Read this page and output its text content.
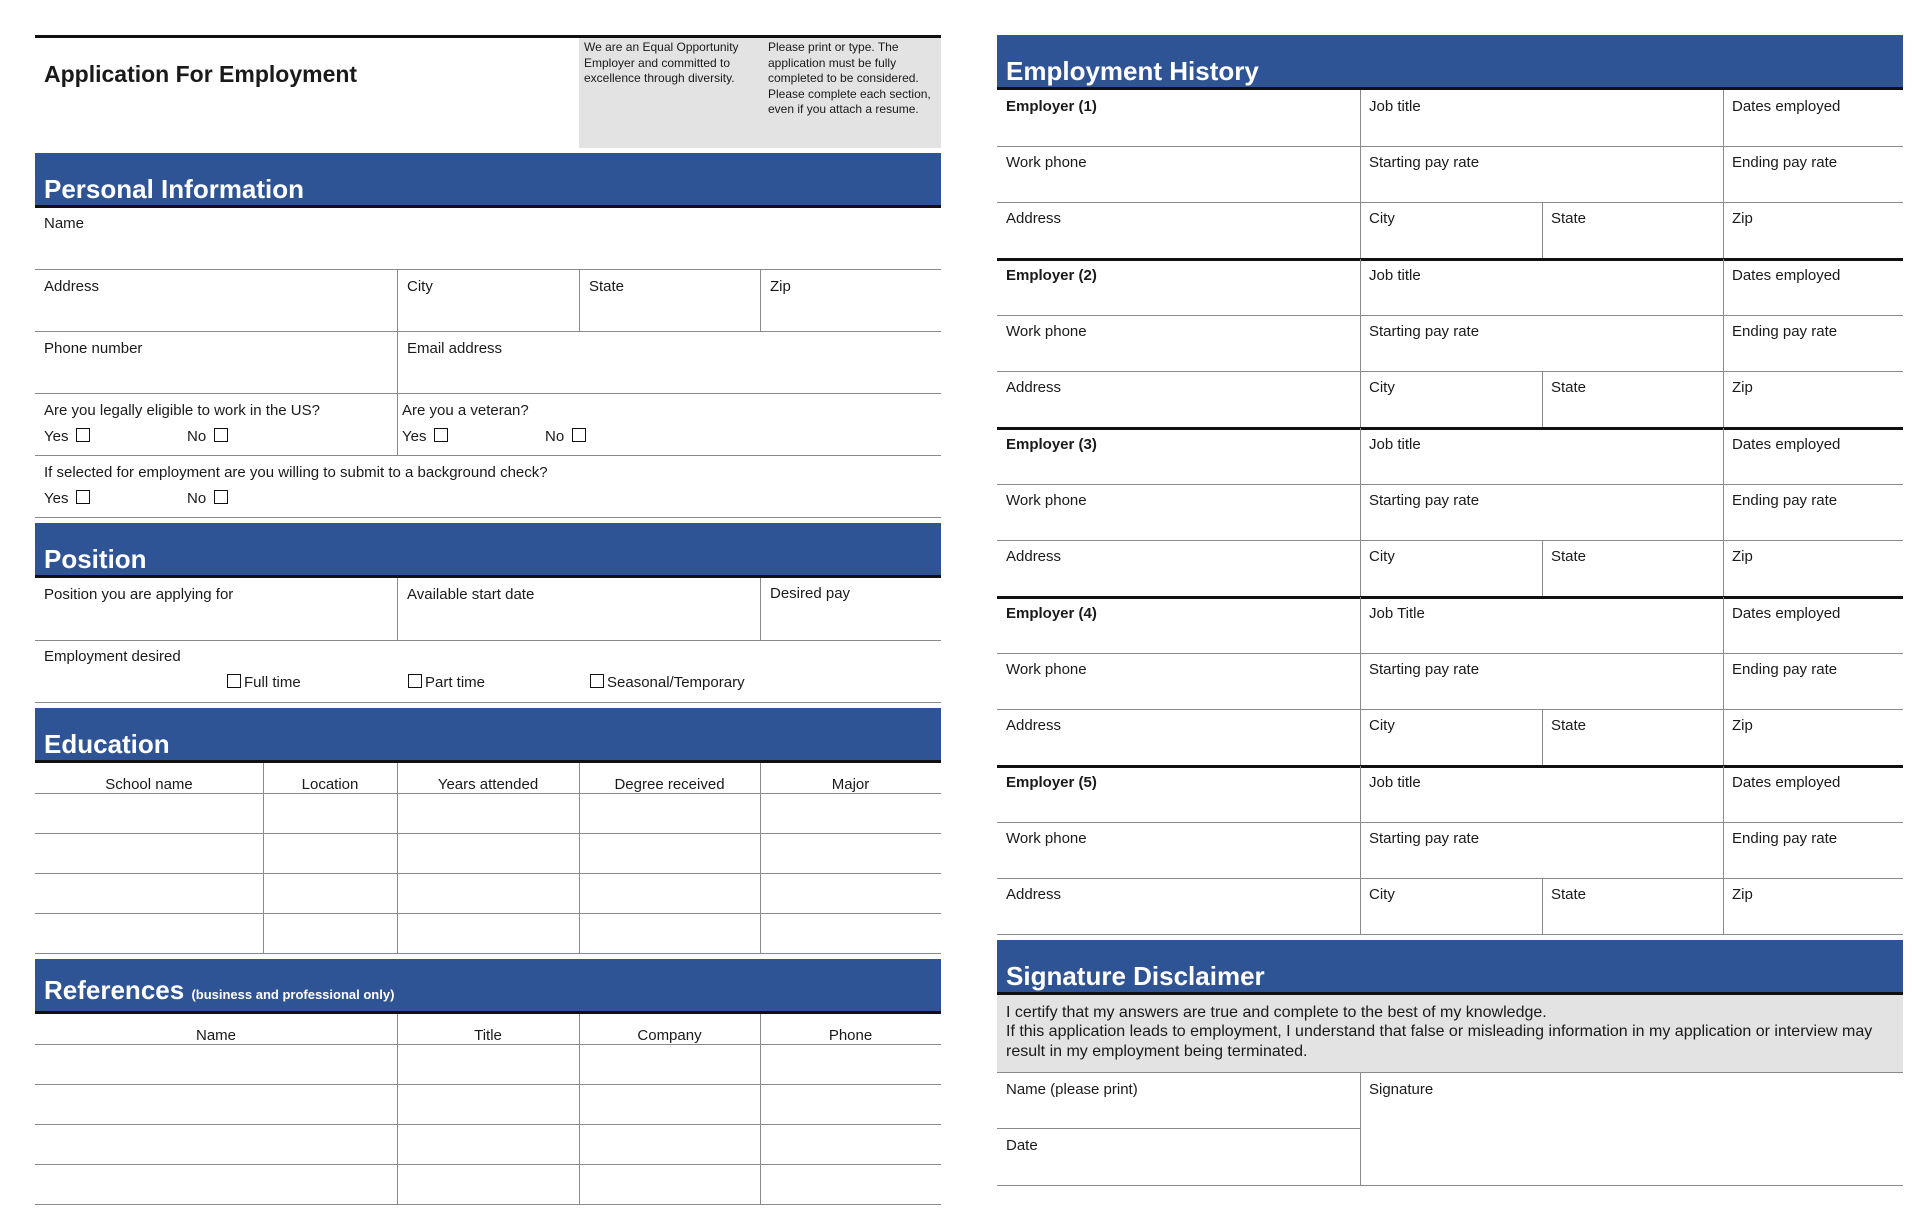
Application For Employment
We are an Equal Opportunity Employer and committed to excellence through diversity.
Please print or type. The application must be fully completed to be considered. Please complete each section, even if you attach a resume.
Personal Information
Name
Address	City	State	Zip
Phone number	Email address
Are you legally eligible to work in the US?
Yes	No
Are you a veteran?
Yes	No
If selected for employment are you willing to submit to a background check?
Yes	No
Position
Position you are applying for	Available start date	Desired pay
Employment desired
Full time	Part time	Seasonal/Temporary
Education
School name	Location	Years attended	Degree received	Major
References (business and professional only)
Name	Title	Company	Phone
Employment History
Employer (1)	Job title	Dates employed
Work phone	Starting pay rate	Ending pay rate
Address	City	State	Zip
Employer (2)	Job title	Dates employed
Work phone	Starting pay rate	Ending pay rate
Address	City	State	Zip
Employer (3)	Job title	Dates employed
Work phone	Starting pay rate	Ending pay rate
Address	City	State	Zip
Employer (4)	Job Title	Dates employed
Work phone	Starting pay rate	Ending pay rate
Address	City	State	Zip
Employer (5)	Job title	Dates employed
Work phone	Starting pay rate	Ending pay rate
Address	City	State	Zip
Signature Disclaimer
I certify that my answers are true and complete to the best of my knowledge.
If this application leads to employment, I understand that false or misleading information in my application or interview may result in my employment being terminated.
Name (please print)	Signature
Date
